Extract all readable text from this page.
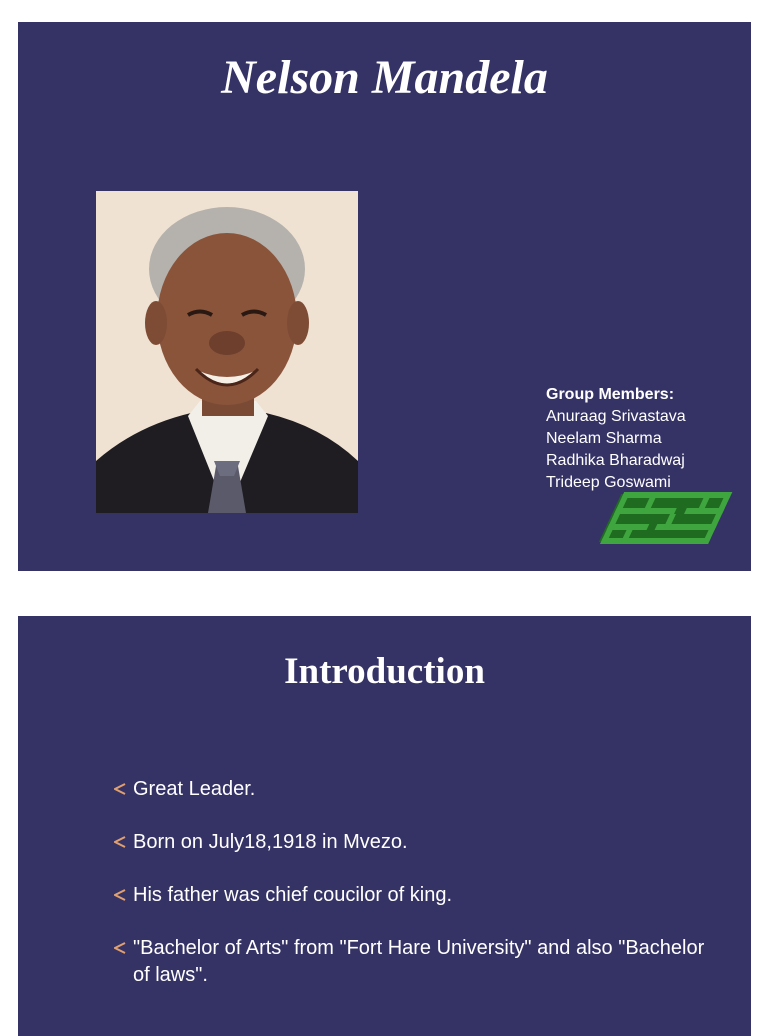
Nelson Mandela
Group Members:
Anuraag Srivastava
Neelam Sharma
Radhika Bharadwaj
Trideep Goswami
Introduction
Great Leader.
Born on July18,1918 in Mvezo.
His father was chief coucilor of king.
"Bachelor of Arts" from "Fort Hare University" and also "Bachelor of laws".
